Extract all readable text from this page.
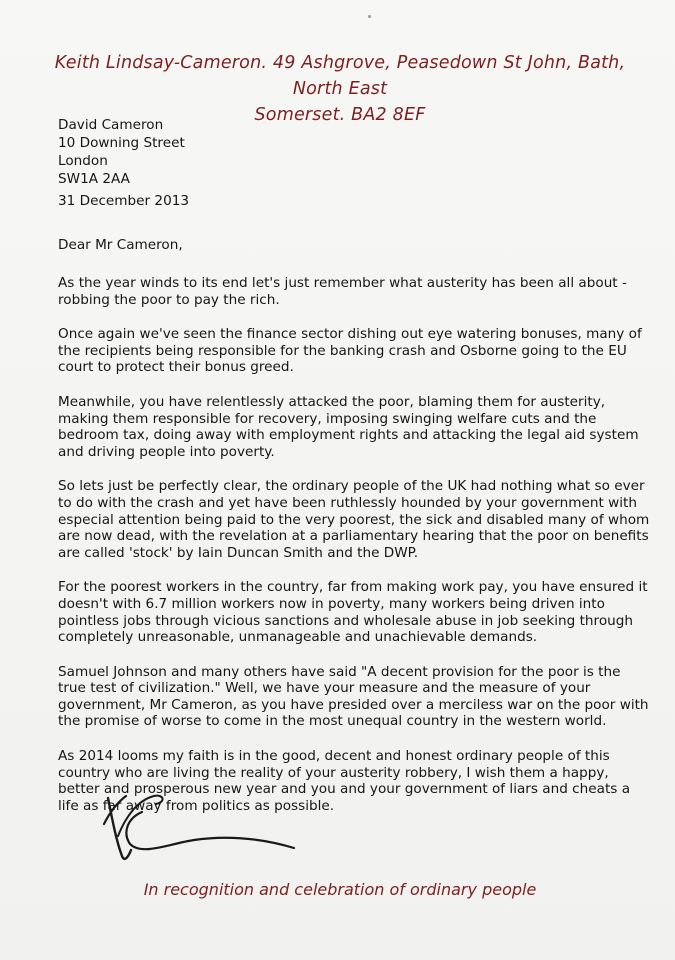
Keith Lindsay-Cameron. 49 Ashgrove, Peasedown St John, Bath, North East
Somerset. BA2 8EF
David Cameron
10 Downing Street
London
SW1A 2AA
31 December 2013
Dear Mr Cameron,

As the year winds to its end let's just remember what austerity has been all about -
robbing the poor to pay the rich.

Once again we've seen the finance sector dishing out eye watering bonuses, many of
the recipients being responsible for the banking crash and Osborne going to the EU
court to protect their bonus greed.

Meanwhile, you have relentlessly attacked the poor, blaming them for austerity,
making them responsible for recovery, imposing swinging welfare cuts and the
bedroom tax, doing away with employment rights and attacking the legal aid system
and driving people into poverty.

So lets just be perfectly clear, the ordinary people of the UK had nothing what so ever
to do with the crash and yet have been ruthlessly hounded by your government with
especial attention being paid to the very poorest, the sick and disabled many of whom
are now dead, with the revelation at a parliamentary hearing that the poor on benefits
are called 'stock' by Iain Duncan Smith and the DWP.

For the poorest workers in the country, far from making work pay, you have ensured it
doesn't with 6.7 million workers now in poverty, many workers being driven into
pointless jobs through vicious sanctions and wholesale abuse in job seeking through
completely unreasonable, unmanageable and unachievable demands.

Samuel Johnson and many others have said "A decent provision for the poor is the
true test of civilization." Well, we have your measure and the measure of your
government, Mr Cameron, as you have presided over a merciless war on the poor with
the promise of worse to come in the most unequal country in the western world.

As 2014 looms my faith is in the good, decent and honest ordinary people of this
country who are living the reality of your austerity robbery, I wish them a happy,
better and prosperous new year and you and your government of liars and cheats a
life as far away from politics as possible.

In recognition and celebration of ordinary people
